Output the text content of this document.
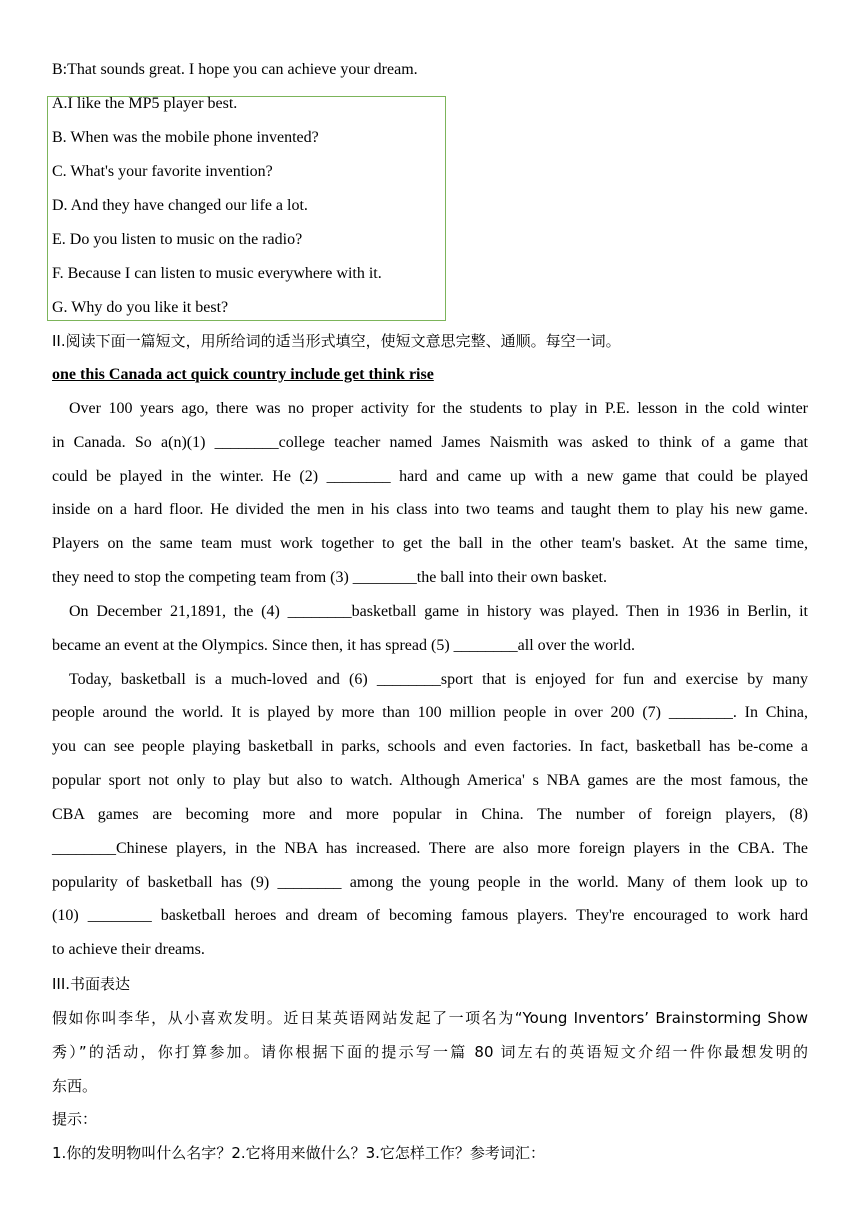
B:That sounds great. I hope you can achieve your dream.
A.I like the MP5 player best.
B. When was the mobile phone invented?
C. What's your favorite invention?
D. And they have changed our life a lot.
E. Do you listen to music on the radio?
F. Because I can listen to music everywhere with it.
G. Why do you like it best?
II.阅读下面一篇短文，用所给词的适当形式填空，使短文意思完整、通顺。每空一词。
one this Canada act quick country include get think rise
Over 100 years ago, there was no proper activity for the students to play in P.E. lesson in the cold winter
in Canada. So a(n)(1) ________college teacher named James Naismith was asked to think of a game that
could be played in the winter. He (2) ________ hard and came up with a new game that could be played
inside on a hard floor. He divided the men in his class into two teams and taught them to play his new game.
Players on the same team must work together to get the ball in the other team's basket. At the same time,
they need to stop the competing team from (3) ________the ball into their own basket.
On December 21,1891, the (4) ________basketball game in history was played. Then in 1936 in Berlin, it
became an event at the Olympics. Since then, it has spread (5) ________all over the world.
Today, basketball is a much-loved and (6) ________sport that is enjoyed for fun and exercise by many
people around the world. It is played by more than 100 million people in over 200 (7) ________. In China,
you can see people playing basketball in parks, schools and even factories. In fact, basketball has be-come a
popular sport not only to play but also to watch. Although America' s NBA games are the most famous, the
CBA games are becoming more and more popular in China. The number of foreign players, (8)
________Chinese players, in the NBA has increased. There are also more foreign players in the CBA. The
popularity of basketball has (9) ________ among the young people in the world. Many of them look up to
(10) ________ basketball heroes and dream of becoming famous players. They're encouraged to work hard
to achieve their dreams.
III.书面表达
假如你叫李华，从小喜欢发明。近日某英语网站发起了一项名为“Young Inventors’ Brainstorming Show
秀）”的活动，你打算参加。请你根据下面的提示写一篇 80 词左右的英语短文介绍一件你最想发明的
东西。
提示：
1.你的发明物叫什么名字？2.它将用来做什么？3.它怎样工作？参考词汇：
